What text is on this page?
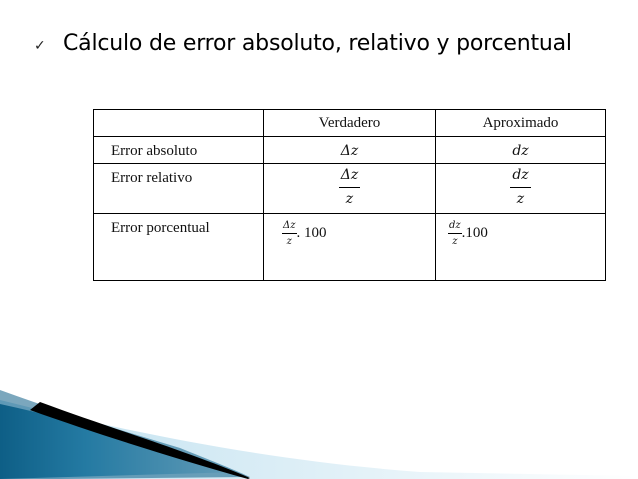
✓ Cálculo de error absoluto, relativo y porcentual

	Verdadero	Aproximado

Error absoluto	Δz	dz

Error relativo	$\frac{\Delta z}{z}$	$\frac{dz}{z}$

Error porcentual	$\frac{\Delta z}{z}$ . 100	$\frac{dz}{z} .100$
